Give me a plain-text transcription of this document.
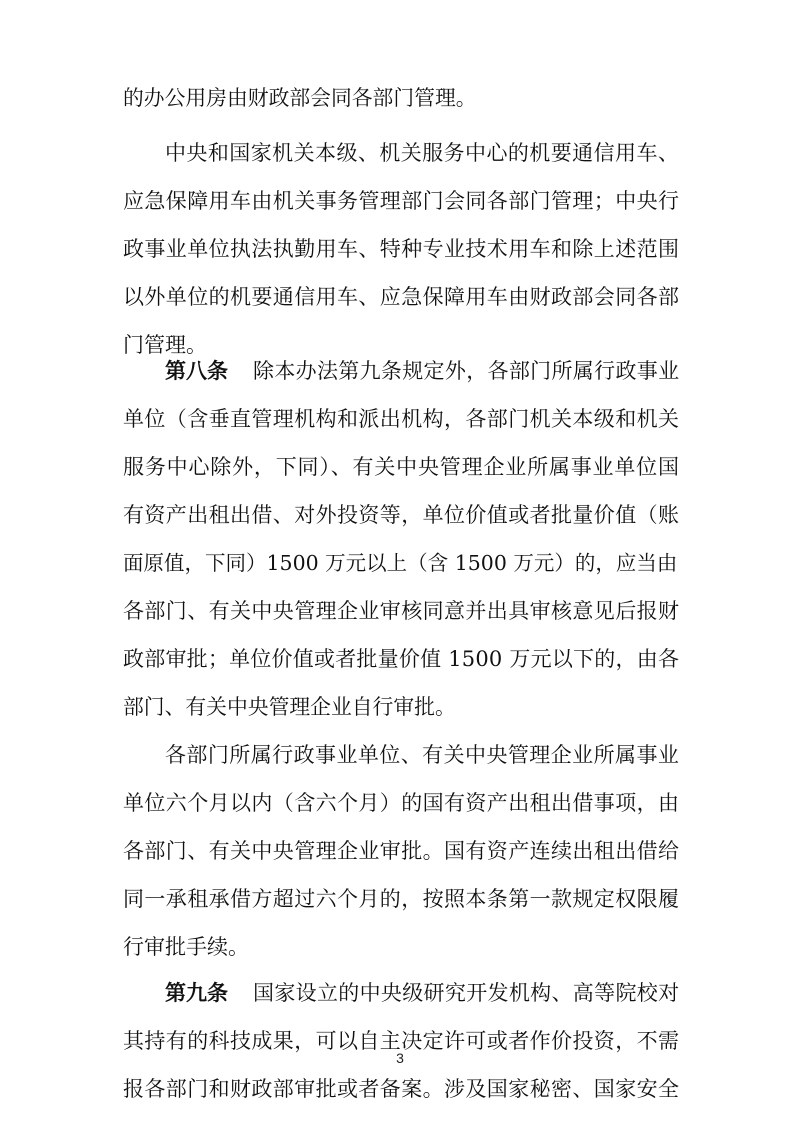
的办公用房由财政部会同各部门管理。
中央和国家机关本级、机关服务中心的机要通信用车、
应急保障用车由机关事务管理部门会同各部门管理；中央行
政事业单位执法执勤用车、特种专业技术用车和除上述范围
以外单位的机要通信用车、应急保障用车由财政部会同各部
门管理。
第八条 除本办法第九条规定外，各部门所属行政事业
单位（含垂直管理机构和派出机构，各部门机关本级和机关
服务中心除外，下同）、有关中央管理企业所属事业单位国
有资产出租出借、对外投资等，单位价值或者批量价值（账
面原值，下同）1500 万元以上（含 1500 万元）的，应当由
各部门、有关中央管理企业审核同意并出具审核意见后报财
政部审批；单位价值或者批量价值 1500 万元以下的，由各
部门、有关中央管理企业自行审批。
各部门所属行政事业单位、有关中央管理企业所属事业
单位六个月以内（含六个月）的国有资产出租出借事项，由
各部门、有关中央管理企业审批。国有资产连续出租出借给
同一承租承借方超过六个月的，按照本条第一款规定权限履
行审批手续。
第九条 国家设立的中央级研究开发机构、高等院校对
其持有的科技成果，可以自主决定许可或者作价投资，不需
报各部门和财政部审批或者备案。涉及国家秘密、国家安全
3
